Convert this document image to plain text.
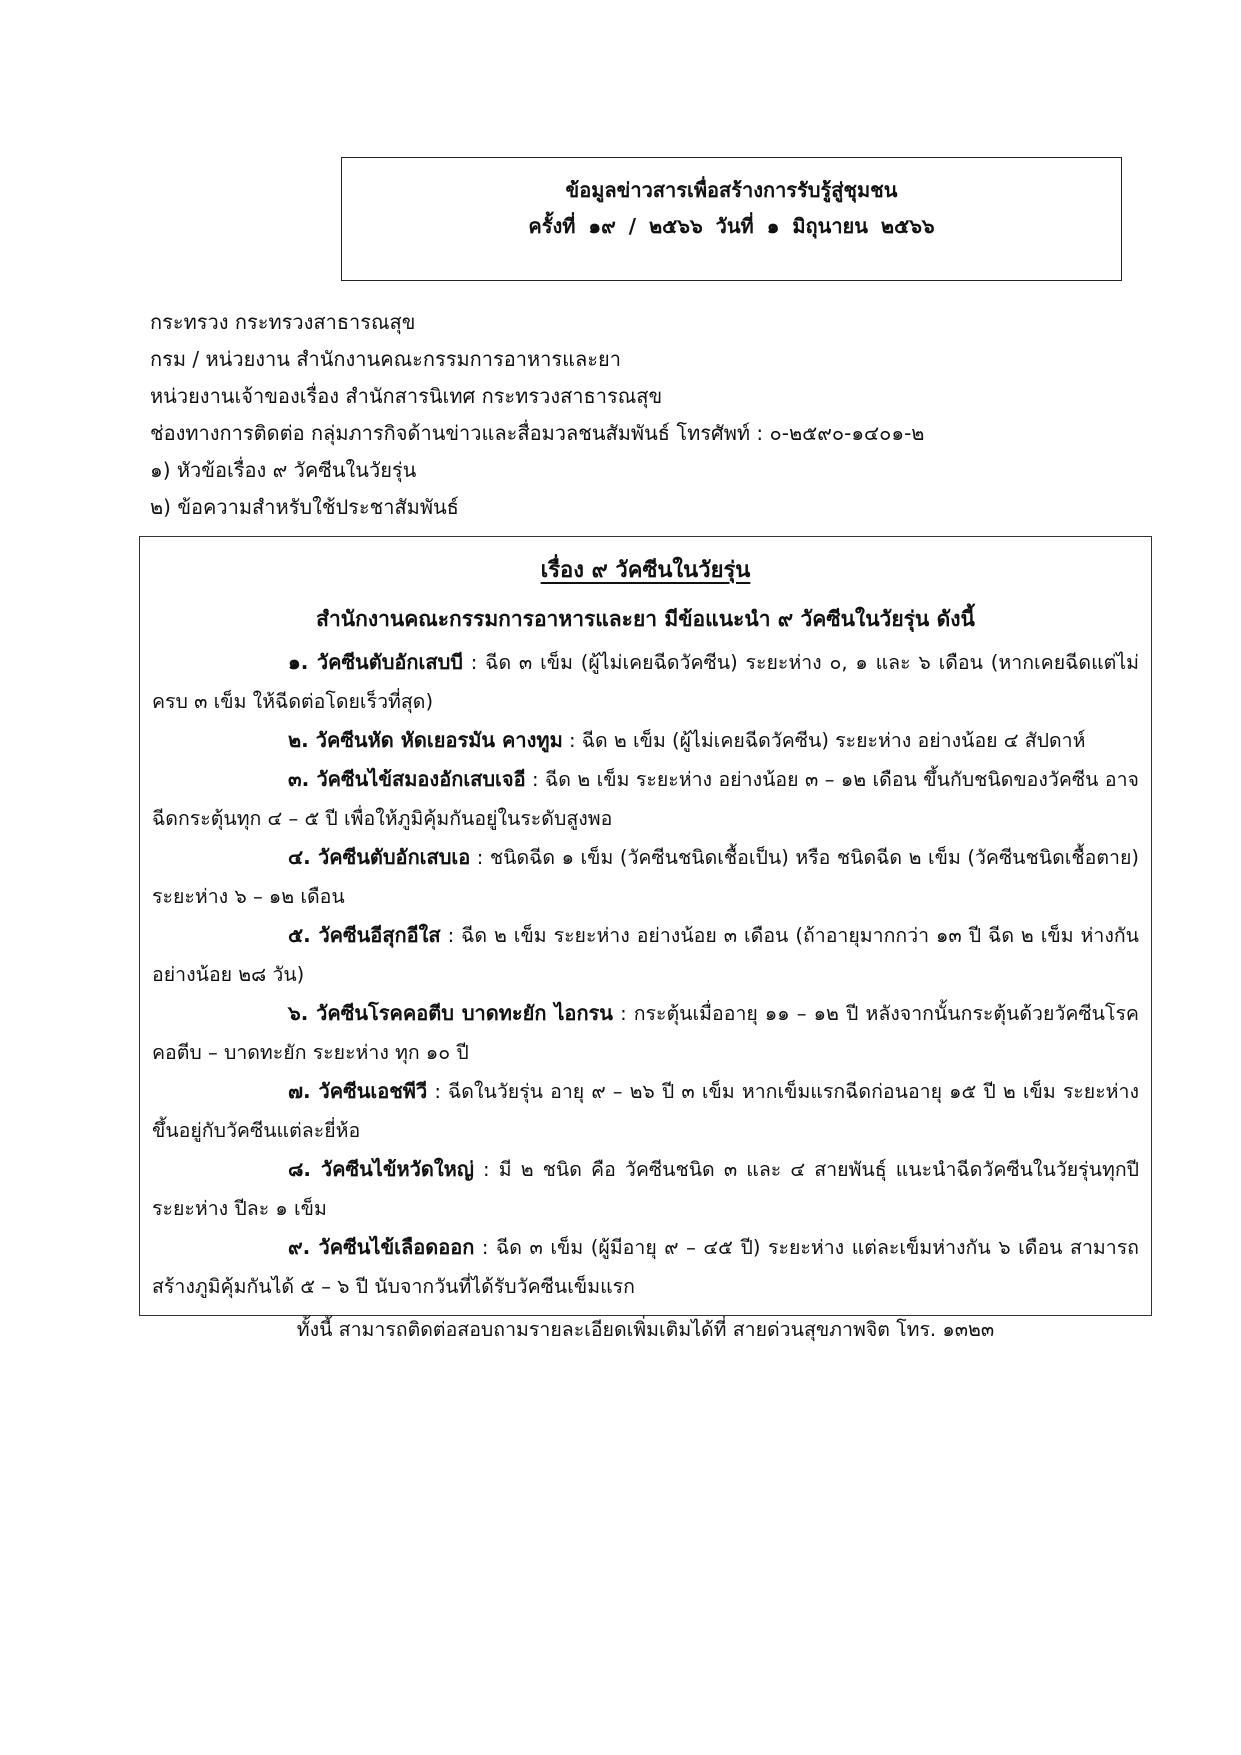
ข้อมูลข่าวสารเพื่อสร้างการรับรู้สู่ชุมชน
ครั้งที่ ๑๙ / ๒๕๖๖ วันที่ ๑ มิถุนายน ๒๕๖๖
กระทรวง กระทรวงสาธารณสุข
กรม / หน่วยงาน สำนักงานคณะกรรมการอาหารและยา
หน่วยงานเจ้าของเรื่อง สำนักสารนิเทศ กระทรวงสาธารณสุข
ช่องทางการติดต่อ กลุ่มภารกิจด้านข่าวและสื่อมวลชนสัมพันธ์ โทรศัพท์ : ๐-๒๕๙๐-๑๔๐๑-๒
๑) หัวข้อเรื่อง ๙ วัคซีนในวัยรุ่น
๒) ข้อความสำหรับใช้ประชาสัมพันธ์
เรื่อง ๙ วัคซีนในวัยรุ่น
สำนักงานคณะกรรมการอาหารและยา มีข้อแนะนำ ๙ วัคซีนในวัยรุ่น ดังนี้
๑. วัคซีนตับอักเสบบี : ฉีด ๓ เข็ม (ผู้ไม่เคยฉีดวัคซีน) ระยะห่าง ๐, ๑ และ ๖ เดือน (หากเคยฉีดแต่ไม่ครบ ๓ เข็ม ให้ฉีดต่อโดยเร็วที่สุด)
๒. วัคซีนหัด หัดเยอรมัน คางทูม : ฉีด ๒ เข็ม (ผู้ไม่เคยฉีดวัคซีน) ระยะห่าง อย่างน้อย ๔ สัปดาห์
๓. วัคซีนไข้สมองอักเสบเจอี : ฉีด ๒ เข็ม ระยะห่าง อย่างน้อย ๓ – ๑๒ เดือน ขึ้นกับชนิดของวัคซีน อาจฉีดกระตุ้นทุก ๔ – ๕ ปี เพื่อให้ภูมิคุ้มกันอยู่ในระดับสูงพอ
๔. วัคซีนตับอักเสบเอ : ชนิดฉีด ๑ เข็ม (วัคซีนชนิดเชื้อเป็น) หรือ ชนิดฉีด ๒ เข็ม (วัคซีนชนิดเชื้อตาย) ระยะห่าง ๖ – ๑๒ เดือน
๕. วัคซีนอีสุกอีใส : ฉีด ๒ เข็ม ระยะห่าง อย่างน้อย ๓ เดือน (ถ้าอายุมากกว่า ๑๓ ปี ฉีด ๒ เข็ม ห่างกันอย่างน้อย ๒๘ วัน)
๖. วัคซีนโรคคอตีบ บาดทะยัก ไอกรน : กระตุ้นเมื่ออายุ ๑๑ – ๑๒ ปี หลังจากนั้นกระตุ้นด้วยวัคซีนโรคคอตีบ – บาดทะยัก ระยะห่าง ทุก ๑๐ ปี
๗. วัคซีนเอชพีวี : ฉีดในวัยรุ่น อายุ ๙ – ๒๖ ปี ๓ เข็ม หากเข็มแรกฉีดก่อนอายุ ๑๕ ปี ๒ เข็ม ระยะห่าง ขึ้นอยู่กับวัคซีนแต่ละยี่ห้อ
๘. วัคซีนไข้หวัดใหญ่ : มี ๒ ชนิด คือ วัคซีนชนิด ๓ และ ๔ สายพันธุ์ แนะนำฉีดวัคซีนในวัยรุ่นทุกปี ระยะห่าง ปีละ ๑ เข็ม
๙. วัคซีนไข้เลือดออก : ฉีด ๓ เข็ม (ผู้มีอายุ ๙ – ๔๕ ปี) ระยะห่าง แต่ละเข็มห่างกัน ๖ เดือน สามารถสร้างภูมิคุ้มกันได้ ๕ – ๖ ปี นับจากวันที่ได้รับวัคซีนเข็มแรก
ทั้งนี้ สามารถติดต่อสอบถามรายละเอียดเพิ่มเติมได้ที่ สายด่วนสุขภาพจิต โทร. ๑๓๒๓
